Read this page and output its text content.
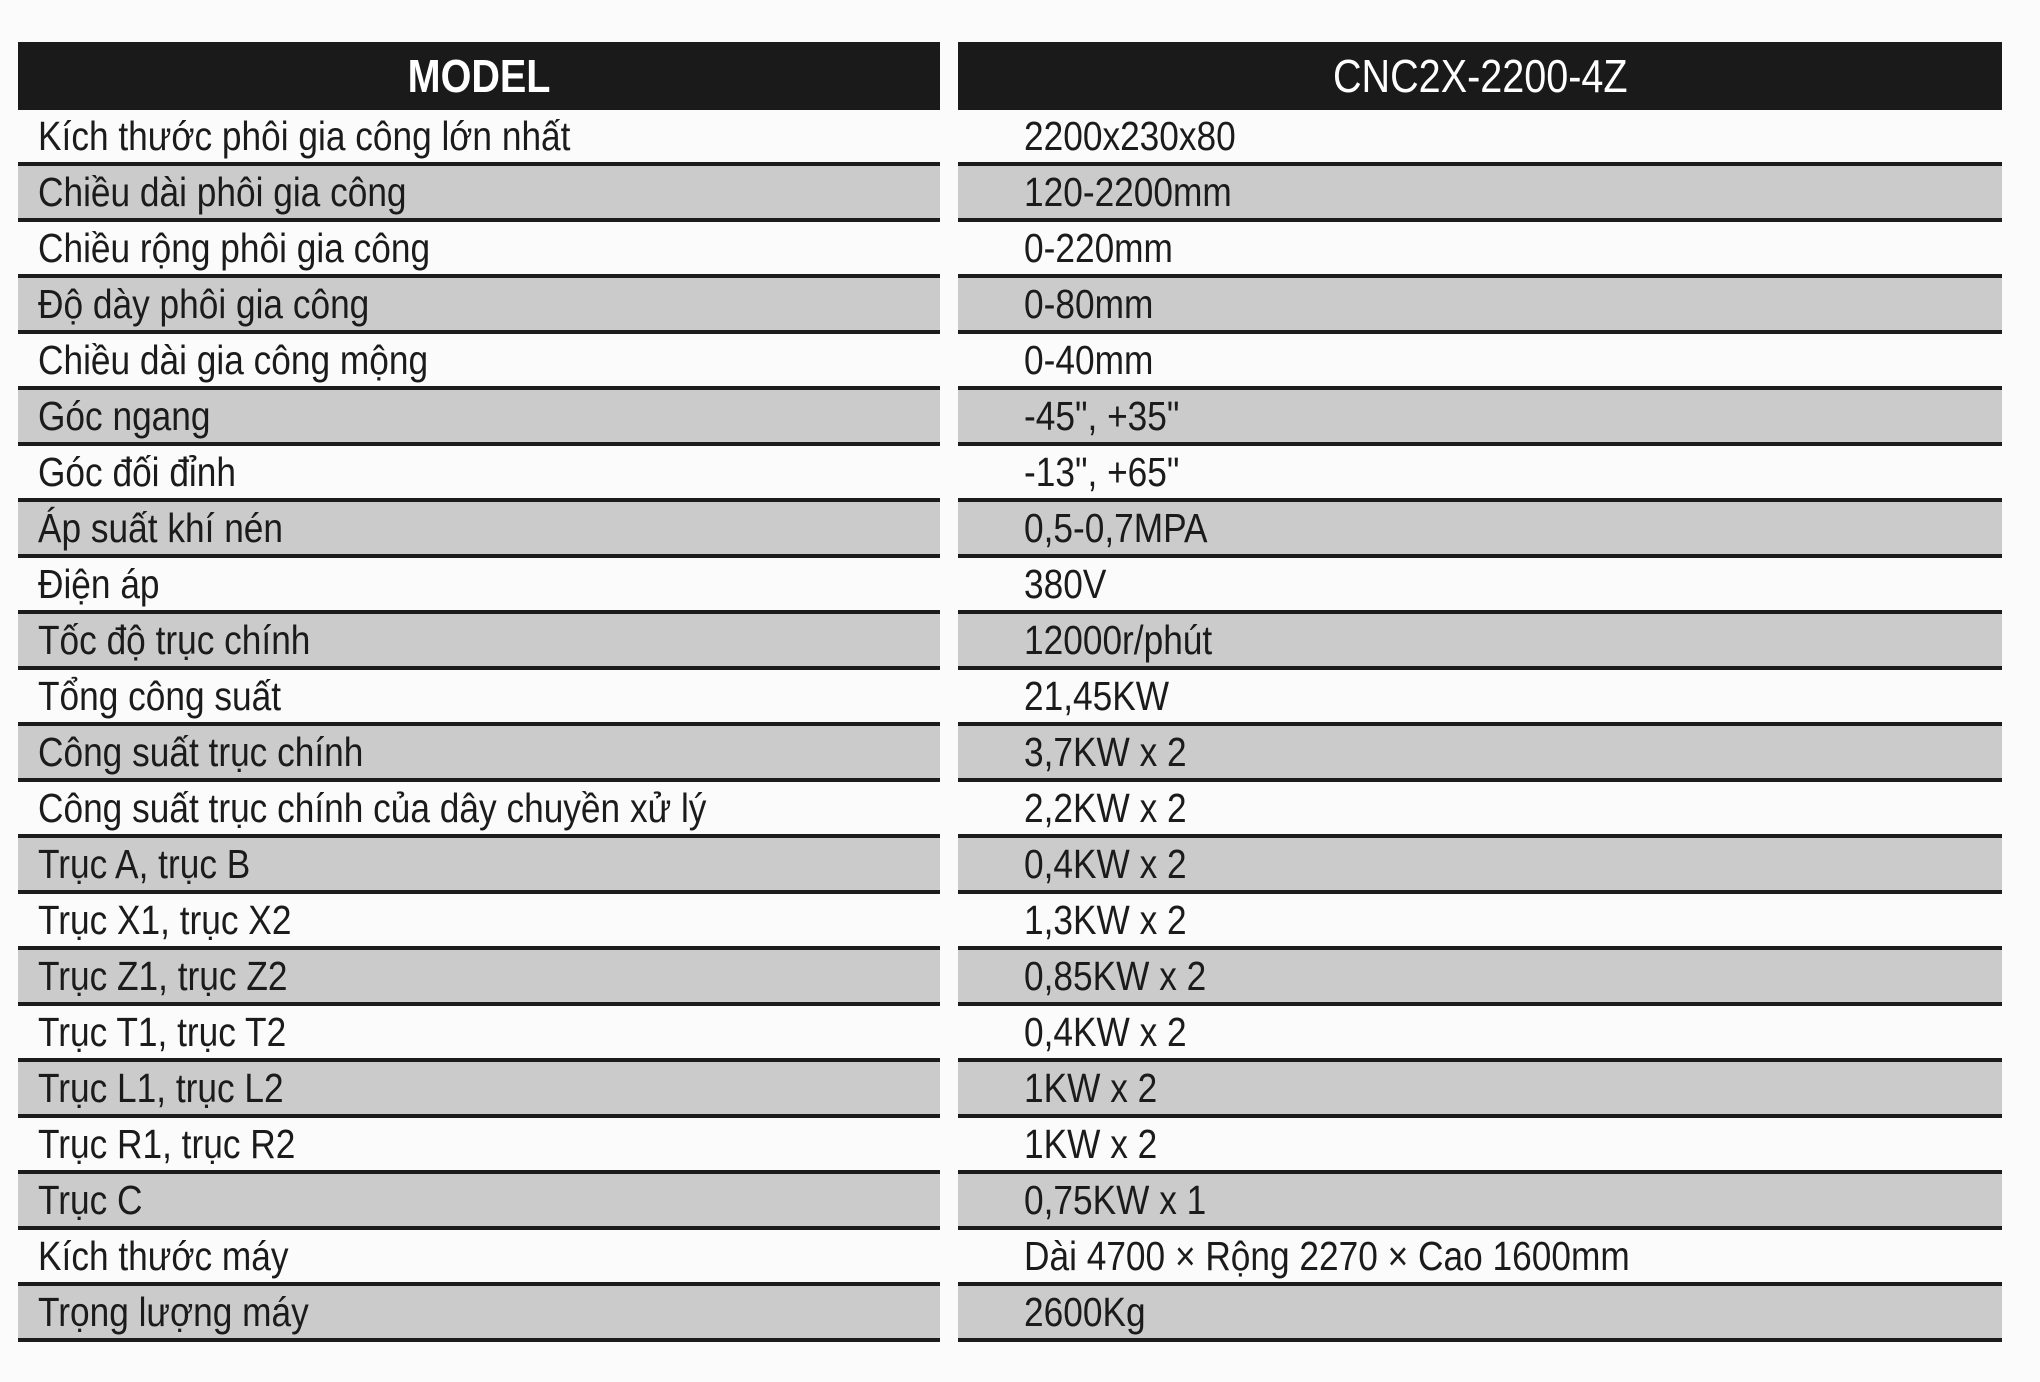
MODEL
Kích thước phôi gia công lớn nhất
Chiều dài phôi gia công
Chiều rộng phôi gia công
Độ dày phôi gia công
Chiều dài gia công mộng
Góc ngang
Góc đối đỉnh
Áp suất khí nén
Điện áp
Tốc độ trục chính
Tổng công suất
Công suất trục chính
Công suất trục chính của dây chuyền xử lý
Trục A, trục B
Trục X1, trục X2
Trục Z1, trục Z2
Trục T1, trục T2
Trục L1, trục L2
Trục R1, trục R2
Trục C
Kích thước máy
Trọng lượng máy
CNC2X-2200-4Z
2200x230x80
120-2200mm
0-220mm
0-80mm
0-40mm
-45", +35"
-13", +65"
0,5-0,7MPA
380V
12000r/phút
21,45KW
3,7KW x 2
2,2KW x 2
0,4KW x 2
1,3KW x 2
0,85KW x 2
0,4KW x 2
1KW x 2
1KW x 2
0,75KW x 1
Dài 4700 × Rộng 2270 × Cao 1600mm
2600Kg
